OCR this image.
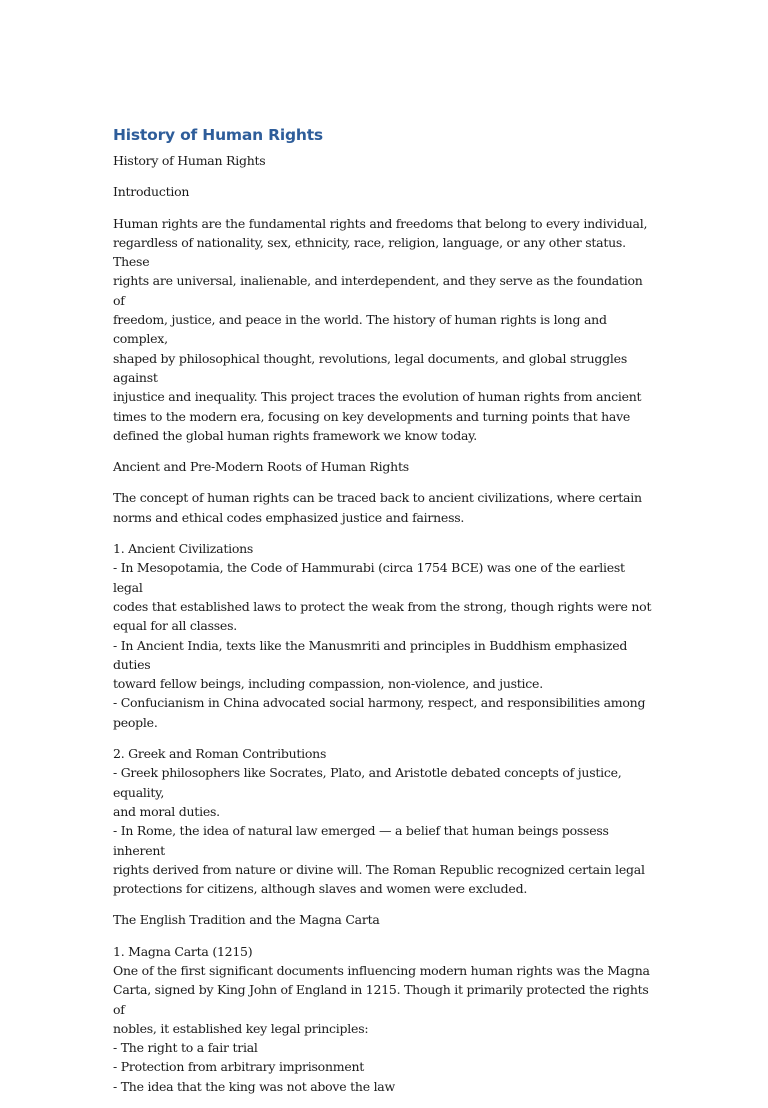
History of Human Rights

History of Human Rights

Introduction

Human rights are the fundamental rights and freedoms that belong to every individual,
regardless of nationality, sex, ethnicity, race, religion, language, or any other status. These
rights are universal, inalienable, and interdependent, and they serve as the foundation of
freedom, justice, and peace in the world. The history of human rights is long and complex,
shaped by philosophical thought, revolutions, legal documents, and global struggles against
injustice and inequality. This project traces the evolution of human rights from ancient
times to the modern era, focusing on key developments and turning points that have
defined the global human rights framework we know today.

Ancient and Pre-Modern Roots of Human Rights

The concept of human rights can be traced back to ancient civilizations, where certain
norms and ethical codes emphasized justice and fairness.

1. Ancient Civilizations
- In Mesopotamia, the Code of Hammurabi (circa 1754 BCE) was one of the earliest legal
codes that established laws to protect the weak from the strong, though rights were not
equal for all classes.
- In Ancient India, texts like the Manusmriti and principles in Buddhism emphasized duties
toward fellow beings, including compassion, non-violence, and justice.
- Confucianism in China advocated social harmony, respect, and responsibilities among
people.

2. Greek and Roman Contributions
- Greek philosophers like Socrates, Plato, and Aristotle debated concepts of justice, equality,
and moral duties.
- In Rome, the idea of natural law emerged — a belief that human beings possess inherent
rights derived from nature or divine will. The Roman Republic recognized certain legal
protections for citizens, although slaves and women were excluded.

The English Tradition and the Magna Carta

1. Magna Carta (1215)
One of the first significant documents influencing modern human rights was the Magna
Carta, signed by King John of England in 1215. Though it primarily protected the rights of
nobles, it established key legal principles:
- The right to a fair trial
- Protection from arbitrary imprisonment
- The idea that the king was not above the law
